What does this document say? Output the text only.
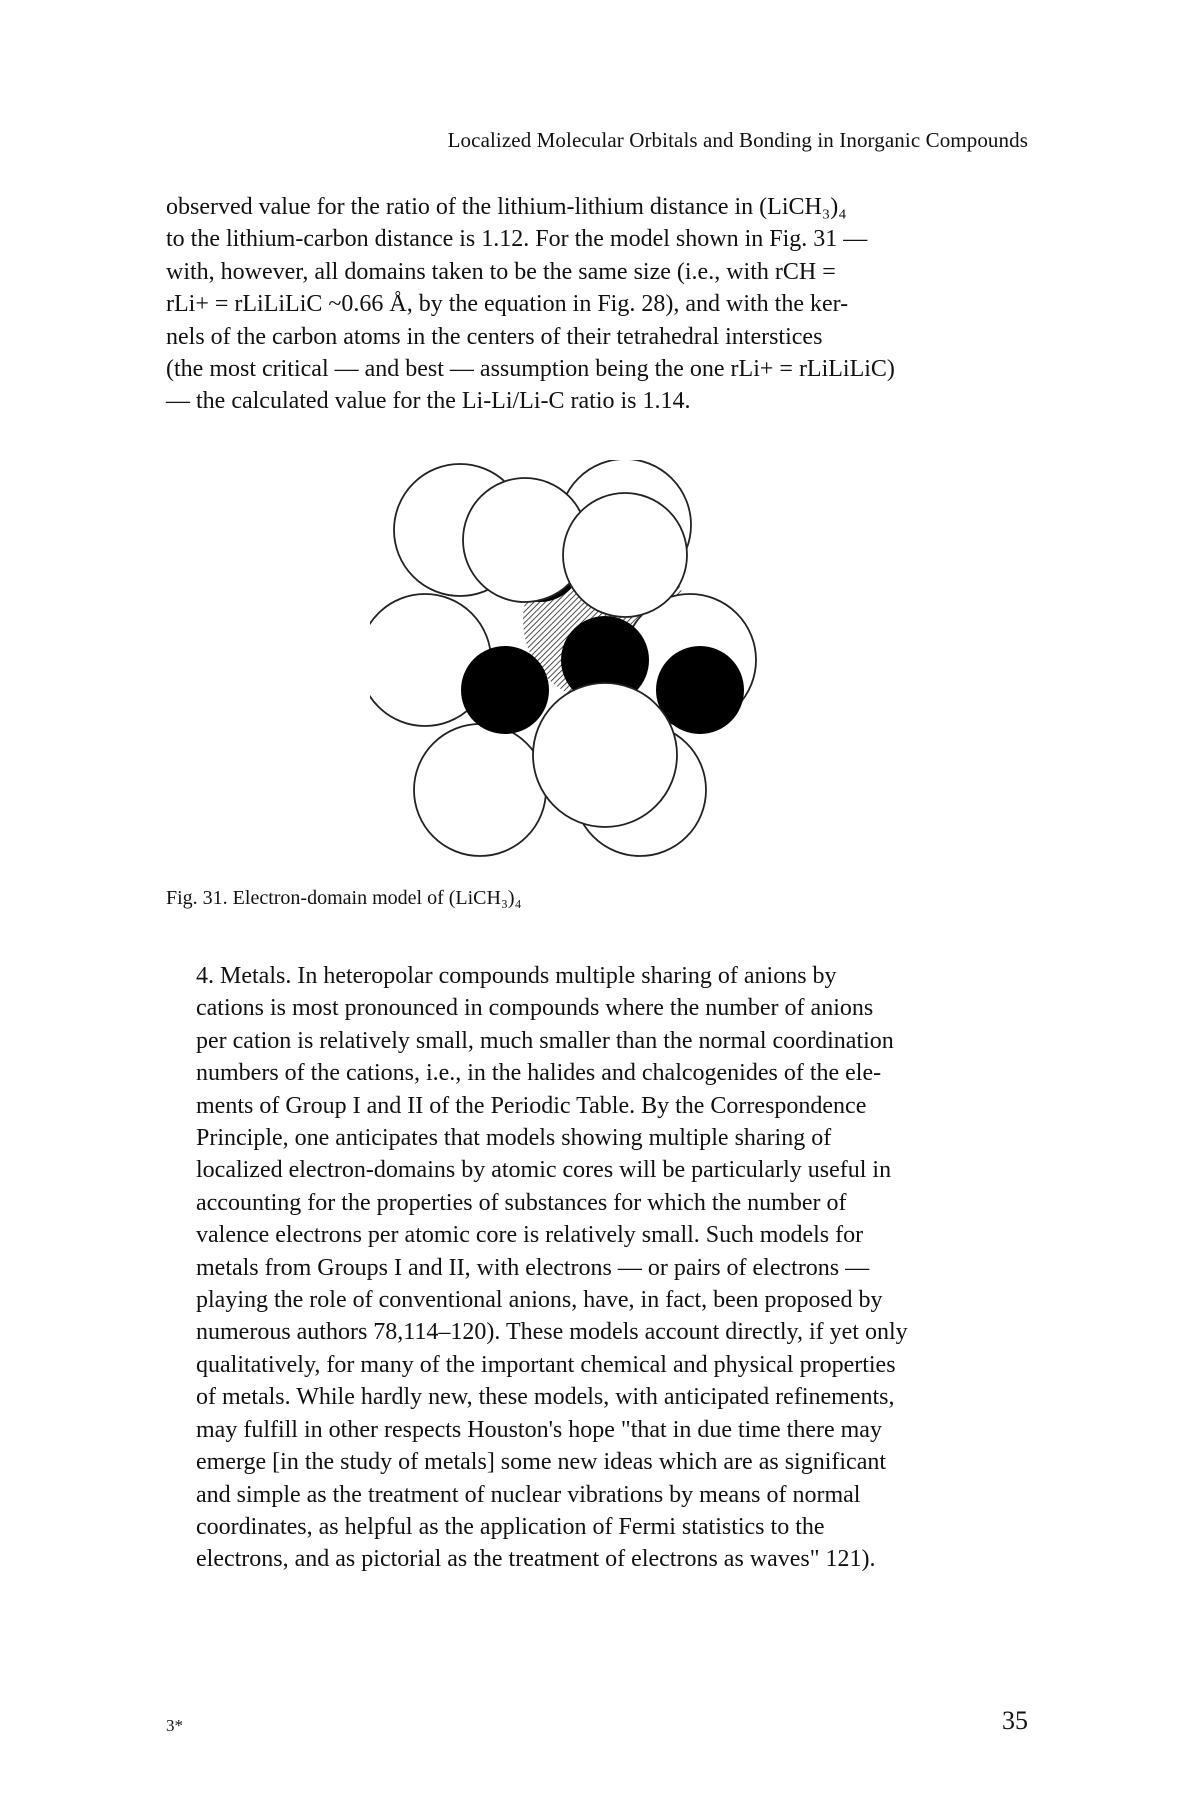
Localized Molecular Orbitals and Bonding in Inorganic Compounds

observed value for the ratio of the lithium-lithium distance in (LiCH₃)₄

to the lithium-carbon distance is 1.12. For the model shown in Fig. 31 —

with, however, all domains taken to be the same size (i.e., with rCH =

rLi+ = rLiLiLiC ~0.66 Å, by the equation in Fig. 28), and with the ker-

nels of the carbon atoms in the centers of their tetrahedral interstices

(the most critical — and best — assumption being the one rLi+ = rLiLiLiC)

— the calculated value for the Li-Li/Li-C ratio is 1.14.

Fig. 31. Electron-domain model of (LiCH₃)₄

4. Metals. In heteropolar compounds multiple sharing of anions by

cations is most pronounced in compounds where the number of anions

per cation is relatively small, much smaller than the normal coordination

numbers of the cations, i.e., in the halides and chalcogenides of the ele-

ments of Group I and II of the Periodic Table. By the Correspondence

Principle, one anticipates that models showing multiple sharing of

localized electron-domains by atomic cores will be particularly useful in

accounting for the properties of substances for which the number of

valence electrons per atomic core is relatively small. Such models for

metals from Groups I and II, with electrons — or pairs of electrons —

playing the role of conventional anions, have, in fact, been proposed by

numerous authors 78,114–120). These models account directly, if yet only

qualitatively, for many of the important chemical and physical properties

of metals. While hardly new, these models, with anticipated refinements,

may fulfill in other respects Houston's hope "that in due time there may

emerge [in the study of metals] some new ideas which are as significant

and simple as the treatment of nuclear vibrations by means of normal

coordinates, as helpful as the application of Fermi statistics to the

electrons, and as pictorial as the treatment of electrons as waves" 121).

3*	35
